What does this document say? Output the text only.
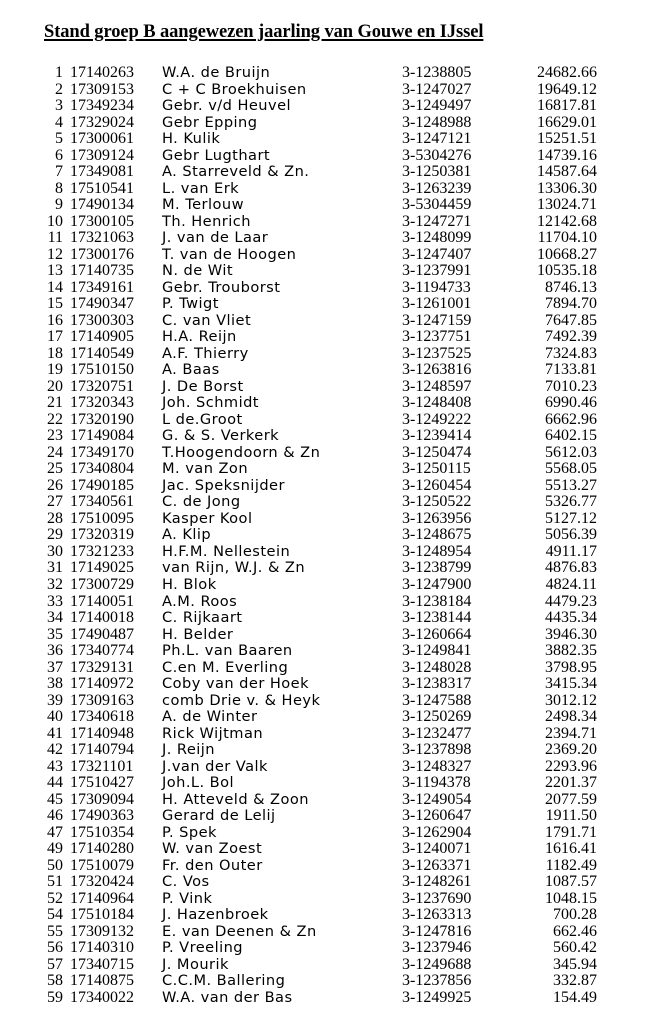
Stand groep B aangewezen jaarling van Gouwe en IJssel
1 17140263 W.A. de Bruijn	3-1238805	24682.66
2 17309153 C + C Broekhuisen	3-1247027	19649.12
3 17349234 Gebr. v/d Heuvel	3-1249497	16817.81
4 17329024 Gebr Epping	3-1248988	16629.01
5 17300061 H. Kulik	3-1247121	15251.51
6 17309124 Gebr Lugthart	3-5304276	14739.16
7 17349081 A. Starreveld & Zn.	3-1250381	14587.64
8 17510541 L. van Erk	3-1263239	13306.30
9 17490134 M. Terlouw	3-5304459	13024.71
10 17300105 Th. Henrich	3-1247271	12142.68
11 17321063 J. van de Laar	3-1248099	11704.10
12 17300176 T. van de Hoogen	3-1247407	10668.27
13 17140735 N. de Wit	3-1237991	10535.18
14 17349161 Gebr. Trouborst	3-1194733	8746.13
15 17490347 P. Twigt	3-1261001	7894.70
16 17300303 C. van Vliet	3-1247159	7647.85
17 17140905 H.A. Reijn	3-1237751	7492.39
18 17140549 A.F. Thierry	3-1237525	7324.83
19 17510150 A. Baas	3-1263816	7133.81
20 17320751 J. De Borst	3-1248597	7010.23
21 17320343 Joh. Schmidt	3-1248408	6990.46
22 17320190 L de.Groot	3-1249222	6662.96
23 17149084 G. & S. Verkerk	3-1239414	6402.15
24 17349170 T.Hoogendoorn & Zn	3-1250474	5612.03
25 17340804 M. van Zon	3-1250115	5568.05
26 17490185 Jac. Speksnijder	3-1260454	5513.27
27 17340561 C. de Jong	3-1250522	5326.77
28 17510095 Kasper Kool	3-1263956	5127.12
29 17320319 A. Klip	3-1248675	5056.39
30 17321233 H.F.M. Nellestein	3-1248954	4911.17
31 17149025 van Rijn, W.J. & Zn	3-1238799	4876.83
32 17300729 H. Blok	3-1247900	4824.11
33 17140051 A.M. Roos	3-1238184	4479.23
34 17140018 C. Rijkaart	3-1238144	4435.34
35 17490487 H. Belder	3-1260664	3946.30
36 17340774 Ph.L. van Baaren	3-1249841	3882.35
37 17329131 C.en M. Everling	3-1248028	3798.95
38 17140972 Coby van der Hoek	3-1238317	3415.34
39 17309163 comb Drie v. & Heyk	3-1247588	3012.12
40 17340618 A. de Winter	3-1250269	2498.34
41 17140948 Rick Wijtman	3-1232477	2394.71
42 17140794 J. Reijn	3-1237898	2369.20
43 17321101 J.van der Valk	3-1248327	2293.96
44 17510427 Joh.L. Bol	3-1194378	2201.37
45 17309094 H. Atteveld & Zoon	3-1249054	2077.59
46 17490363 Gerard de Lelij	3-1260647	1911.50
47 17510354 P. Spek	3-1262904	1791.71
49 17140280 W. van Zoest	3-1240071	1616.41
50 17510079 Fr. den Outer	3-1263371	1182.49
51 17320424 C. Vos	3-1248261	1087.57
52 17140964 P. Vink	3-1237690	1048.15
54 17510184 J. Hazenbroek	3-1263313	700.28
55 17309132 E. van Deenen & Zn	3-1247816	662.46
56 17140310 P. Vreeling	3-1237946	560.42
57 17340715 J. Mourik	3-1249688	345.94
58 17140875 C.C.M. Ballering	3-1237856	332.87
59 17340022 W.A. van der Bas	3-1249925	154.49
